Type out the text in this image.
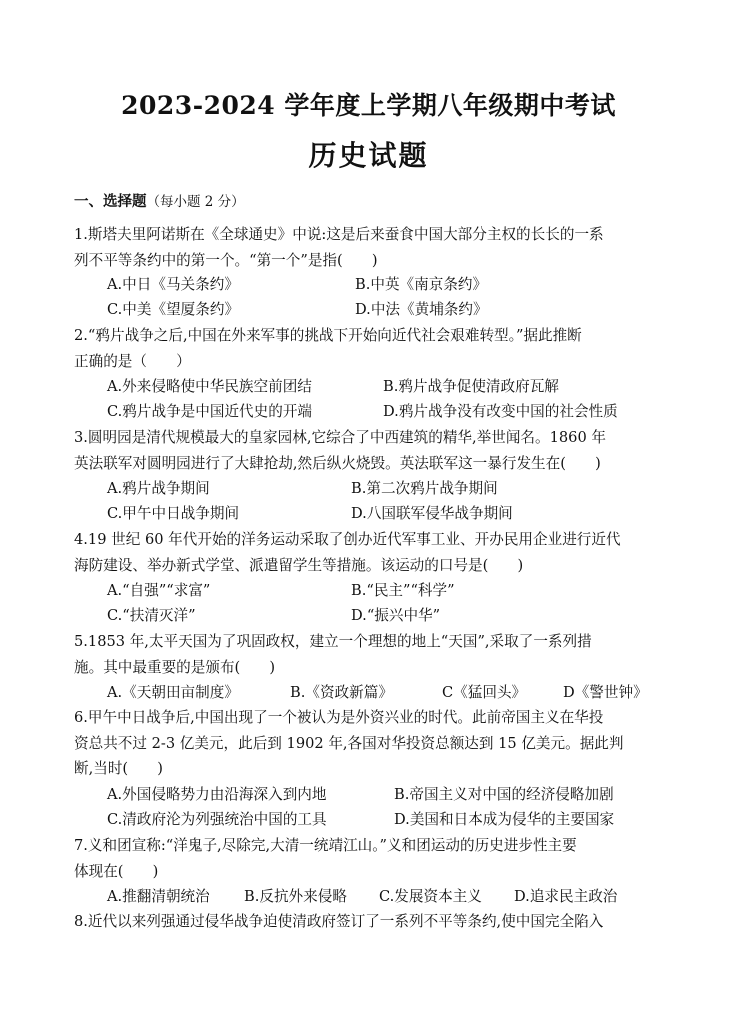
2023-2024 学年度上学期八年级期中考试
历史试题
一、选择题（每小题 2 分）
1.斯塔夫里阿诺斯在《全球通史》中说:这是后来蚕食中国大部分主权的长长的一系
列不平等条约中的第一个。“第一个”是指(　　)
A.中日《马关条约》	B.中英《南京条约》
C.中美《望厦条约》	D.中法《黄埔条约》
2.“鸦片战争之后,中国在外来军事的挑战下开始向近代社会艰难转型。”据此推断
正确的是（　　）
A.外来侵略使中华民族空前团结	B.鸦片战争促使清政府瓦解
C.鸦片战争是中国近代史的开端	D.鸦片战争没有改变中国的社会性质
3.圆明园是清代规模最大的皇家园林,它综合了中西建筑的精华,举世闻名。1860 年
英法联军对圆明园进行了大肆抢劫,然后纵火烧毁。英法联军这一暴行发生在(　　)
A.鸦片战争期间	B.第二次鸦片战争期间
C.甲午中日战争期间	D.八国联军侵华战争期间
4.19 世纪 60 年代开始的洋务运动采取了创办近代军事工业、开办民用企业进行近代
海防建设、举办新式学堂、派遣留学生等措施。该运动的口号是(　　)
A.“自强”“求富”	B.“民主”“科学”
C.“扶清灭洋”	D.“振兴中华”
5.1853 年,太平天国为了巩固政权，建立一个理想的地上“天国”,采取了一系列措
施。其中最重要的是颁布(　　)
A.《天朝田亩制度》	B.《资政新篇》	C《猛回头》	D《警世钟》
6.甲午中日战争后,中国出现了一个被认为是外资兴业的时代。此前帝国主义在华投
资总共不过 2-3 亿美元，此后到 1902 年,各国对华投资总额达到 15 亿美元。据此判
断,当时(　　)
A.外国侵略势力由沿海深入到内地	B.帝国主义对中国的经济侵略加剧
C.清政府沦为列强统治中国的工具	D.美国和日本成为侵华的主要国家
7.义和团宣称:“洋鬼子,尽除完,大清一统靖江山。”义和团运动的历史进步性主要
体现在(　　)
A.推翻清朝统治 B.反抗外来侵略 C.发展资本主义 D.追求民主政治
8.近代以来列强通过侵华战争迫使清政府签订了一系列不平等条约,使中国完全陷入
